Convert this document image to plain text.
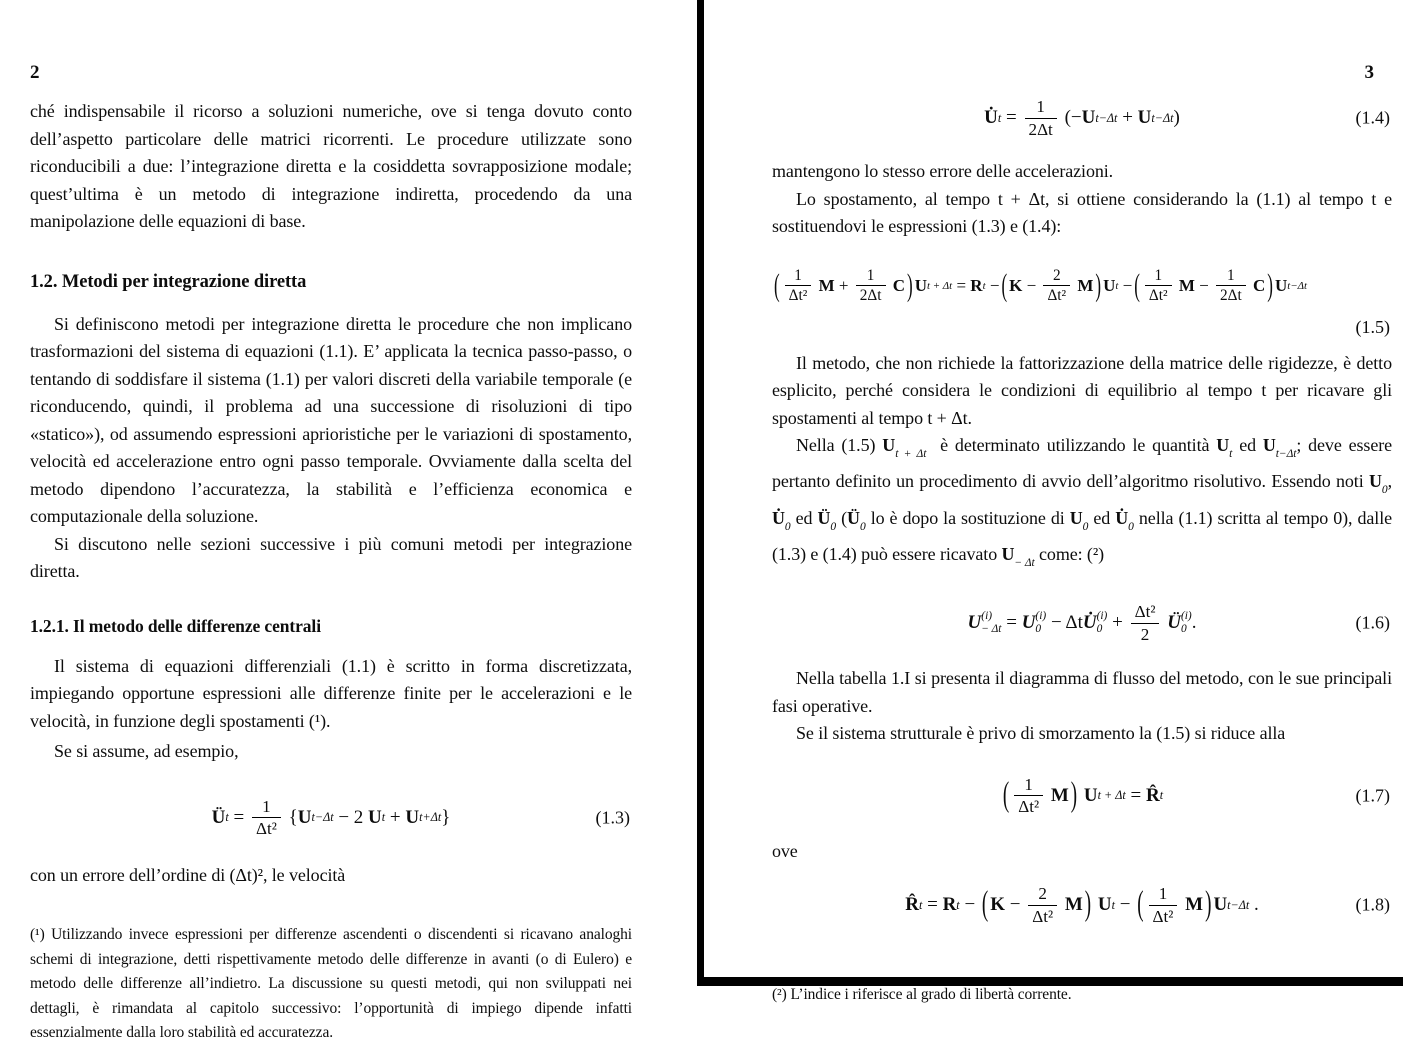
2

ché indispensabile il ricorso a soluzioni numeriche, ove si tenga dovuto conto dell’aspetto particolare delle matrici ricorrenti. Le procedure utilizzate sono riconducibili a due: l’integrazione diretta e la cosiddetta sovrapposizione modale; quest’ultima è un metodo di integrazione indiretta, procedendo da una manipolazione delle equazioni di base.

1.2. Metodi per integrazione diretta

Si definiscono metodi per integrazione diretta le procedure che non implicano trasformazioni del sistema di equazioni (1.1). E’ applicata la tecnica passo-passo, o tentando di soddisfare il sistema (1.1) per valori discreti della variabile temporale (e riconducendo, quindi, il problema ad una successione di risoluzioni di tipo «statico»), od assumendo espressioni aprioristiche per le variazioni di spostamento, velocità ed accelerazione entro ogni passo temporale. Ovviamente dalla scelta del metodo dipendono l’accuratezza, la stabilità e l’efficienza economica e computazionale della soluzione.

Si discutono nelle sezioni successive i più comuni metodi per integrazione diretta.

1.2.1. Il metodo delle differenze centrali

Il sistema di equazioni differenziali (1.1) è scritto in forma discretizzata, impiegando opportune espressioni alle differenze finite per le accelerazioni e le velocità, in funzione degli spostamenti (¹).

Se si assume, ad esempio,

Ü $t = \frac{1}{\text{Δt²}}$ { U t−Δt − 2 U t + U t+Δt }	(1.3)

con un errore dell’ordine di (Δt)², le velocità

(¹) Utilizzando invece espressioni per differenze ascendenti o discendenti si ricavano analoghi schemi di integrazione, detti rispettivamente metodo delle differenze in avanti (o di Eulero) e metodo delle differenze all’indietro. La discussione su questi metodi, qui non sviluppati nei dettagli, è rimandata al capitolo successivo: l’opportunità di impiego dipende infatti essenzialmente dalla loro stabilità ed accuratezza.

3
U̇ $t = \frac{1}{2\Delta t}$ (− U t−Δt + U t−Δt )	(1.4)

mantengono lo stesso errore delle accelerazioni.

Lo spostamento, al tempo t + Δt, si ottiene considerando la (1.1) al tempo t e sostituendovi le espressioni (1.3) e (1.4):

( $\frac{1}{\text{Δt²}}$ $M + \frac{1}{2\Delta t}$ C ) U t + Δt = R t − ( $K - \frac{2}{\text{Δt²}}$ M ) U t − ( $\frac{1}{\text{Δt²}}$ $M - \frac{1}{2\Delta t}$ C ) U t−Δt
(1.5)

Il metodo, che non richiede la fattorizzazione della matrice delle rigidezze, è detto esplicito, perché considera le condizioni di equilibrio al tempo t per ricavare gli spostamenti al tempo t + Δt.

Nella (1.5) $U_{t + \Delta t}$  è determinato utilizzando le quantità $U_t$ ed $U_{t-\Delta t}$; deve essere pertanto definito un procedimento di avvio dell’algoritmo risolutivo. Essendo noti $U_0$, $U̇_0$ ed $Ü_0$ ($Ü_0$ lo è dopo la sostituzione di $U_0$ ed $U̇_0$ nella (1.1) scritta al tempo 0), dalle (1.3) e (1.4) può essere ricavato $U_{- \Delta t}$ come: (²)

U (i)
− Δt = U (i)
0 − Δt U̇ (i)
$0 + \frac{\text{Δt²}}{2}$
Ü (i)
0 .	(1.6)

Nella tabella 1.I si presenta il diagramma di flusso del metodo, con le sue principali fasi operative.

Se il sistema strutturale è privo di smorzamento la (1.5) si riduce alla

( $\frac{1}{\text{Δt²}}$ M )
U t + Δt = R̂ t	(1.7)

ove

R̂ t = R t − ( $K - \frac{2}{\text{Δt²}}$ M )
U t − ( $\frac{1}{\text{Δt²}}$ M ) U t−Δt .	(1.8)

(²) L’indice i riferisce al grado di libertà corrente.
